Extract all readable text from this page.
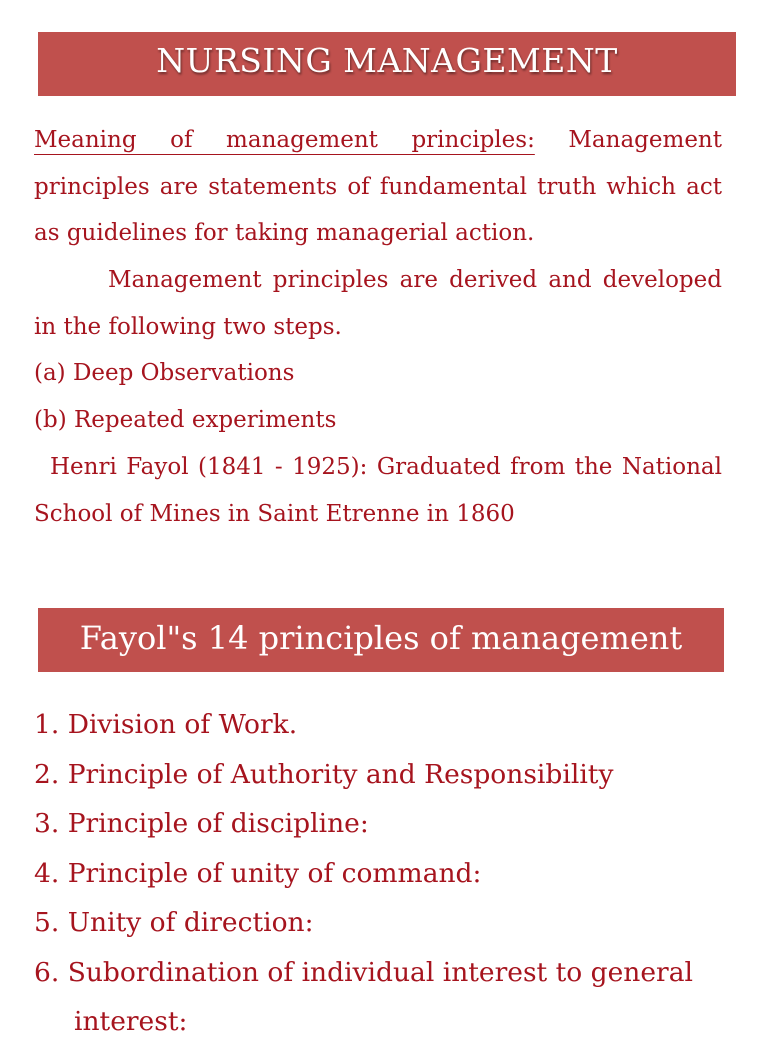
NURSING MANAGEMENT
Meaning of management principles: Management principles are statements of fundamental truth which act as guidelines for taking managerial action.
Management principles are derived and developed in the following two steps.
(a) Deep Observations
(b) Repeated experiments
Henri Fayol (1841 - 1925): Graduated from the National School of Mines in Saint Etrenne in 1860
Fayol"s 14 principles of management
1. Division of Work.
2. Principle of Authority and Responsibility
3. Principle of discipline:
4. Principle of unity of command:
5. Unity of direction:
6. Subordination of individual interest to general
interest:
